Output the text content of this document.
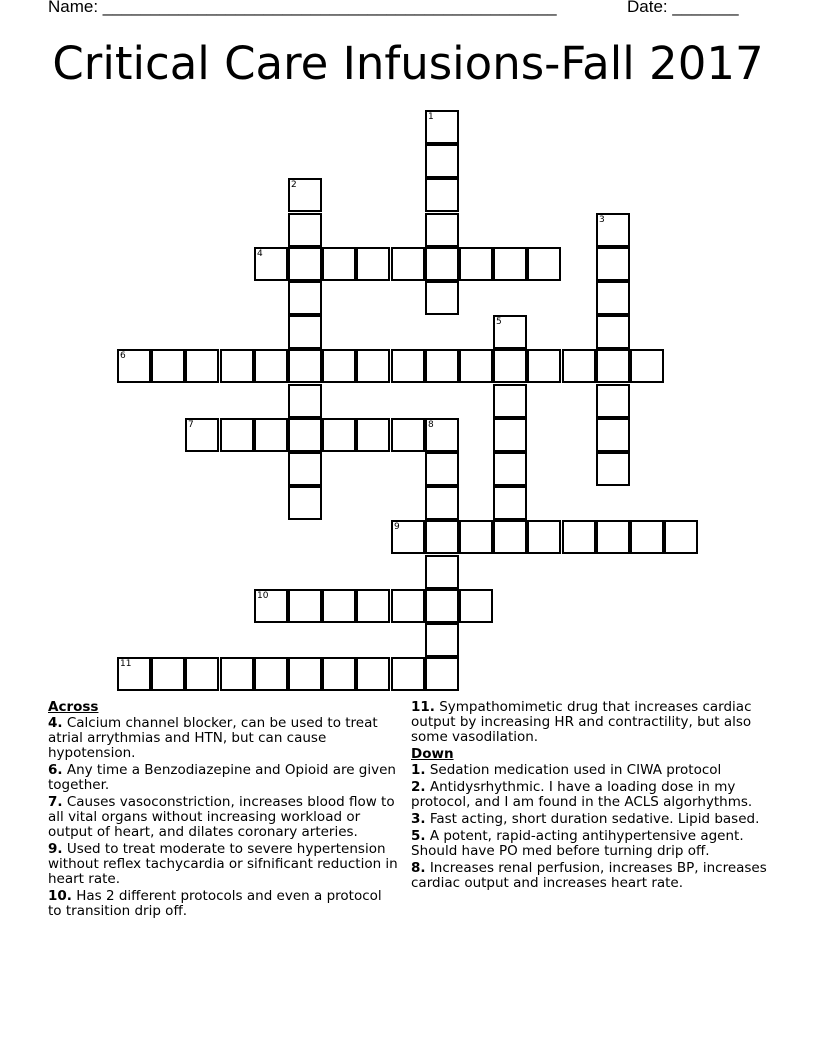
Name: ________________________________________________	Date: _______
Critical Care Infusions-Fall 2017
1
2
3
4
5
6
7	8
9
10
11
Across
4. Calcium channel blocker, can be used to treat atrial arrythmias and HTN, but can cause hypotension.
6. Any time a Benzodiazepine and Opioid are given together.
7. Causes vasoconstriction, increases blood flow to all vital organs without increasing workload or output of heart, and dilates coronary arteries.
9. Used to treat moderate to severe hypertension without reflex tachycardia or sifnificant reduction in heart rate.
10. Has 2 different protocols and even a protocol to transition drip off.
11. Sympathomimetic drug that increases cardiac output by increasing HR and contractility, but also some vasodilation.
Down
1. Sedation medication used in CIWA protocol
2. Antidysrhythmic. I have a loading dose in my protocol, and I am found in the ACLS algorhythms.
3. Fast acting, short duration sedative. Lipid based.
5. A potent, rapid-acting antihypertensive agent. Should have PO med before turning drip off.
8. Increases renal perfusion, increases BP, increases cardiac output and increases heart rate.
